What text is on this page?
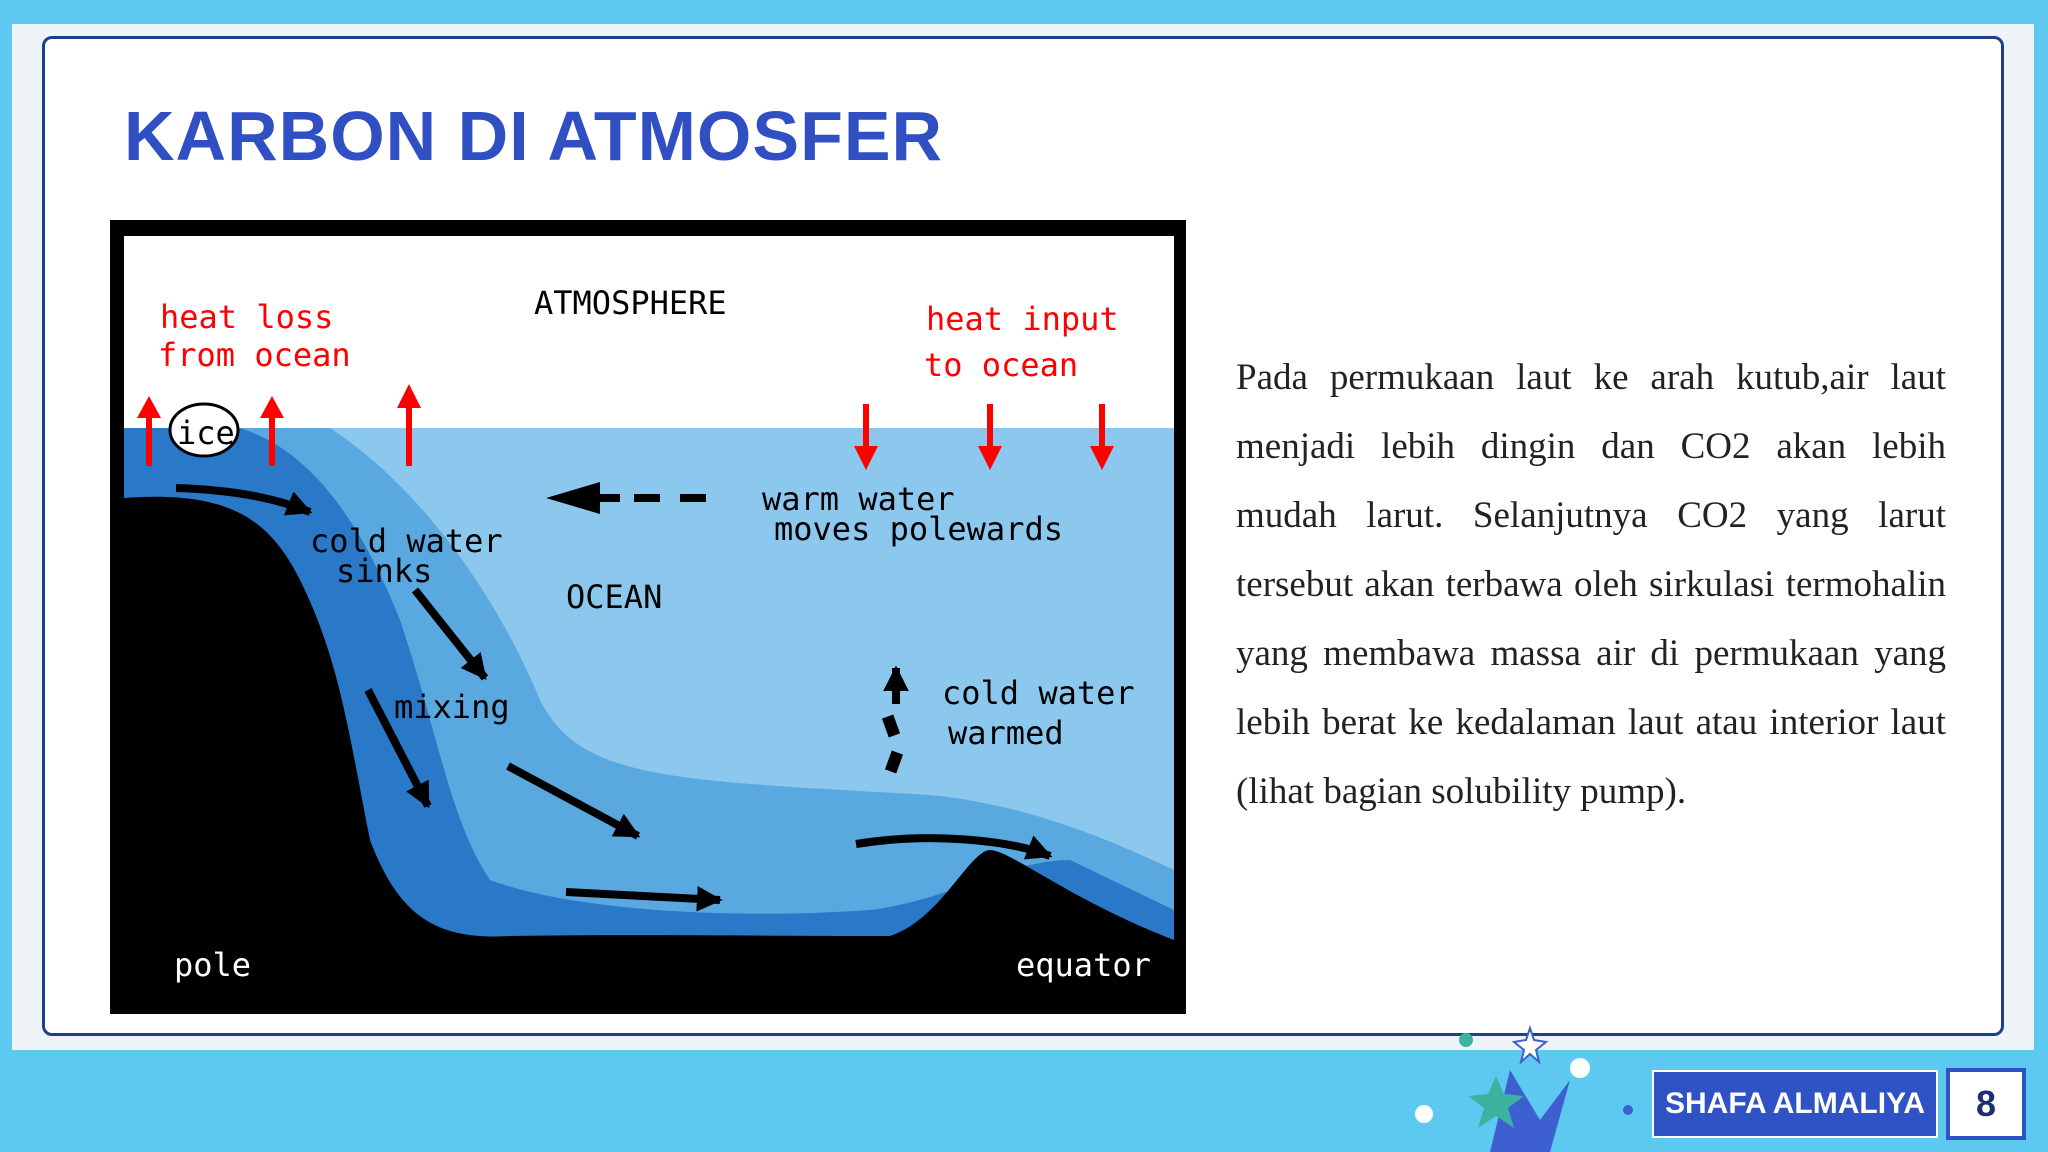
KARBON DI ATMOSFER
ice
heat loss
from ocean
ATMOSPHERE	heat input
to ocean
cold water
sinks
warm water
moves polewards
OCEAN
mixing	cold water
warmed
pole	equator

Pada permukaan laut ke arah kutub,air laut menjadi lebih dingin dan CO2 akan lebih mudah larut. Selanjutnya CO2 yang larut tersebut akan terbawa oleh sirkulasi termohalin yang membawa massa air di permukaan yang lebih berat ke kedalaman laut atau interior laut (lihat bagian solubility pump).

SHAFA ALMALIYA	8
